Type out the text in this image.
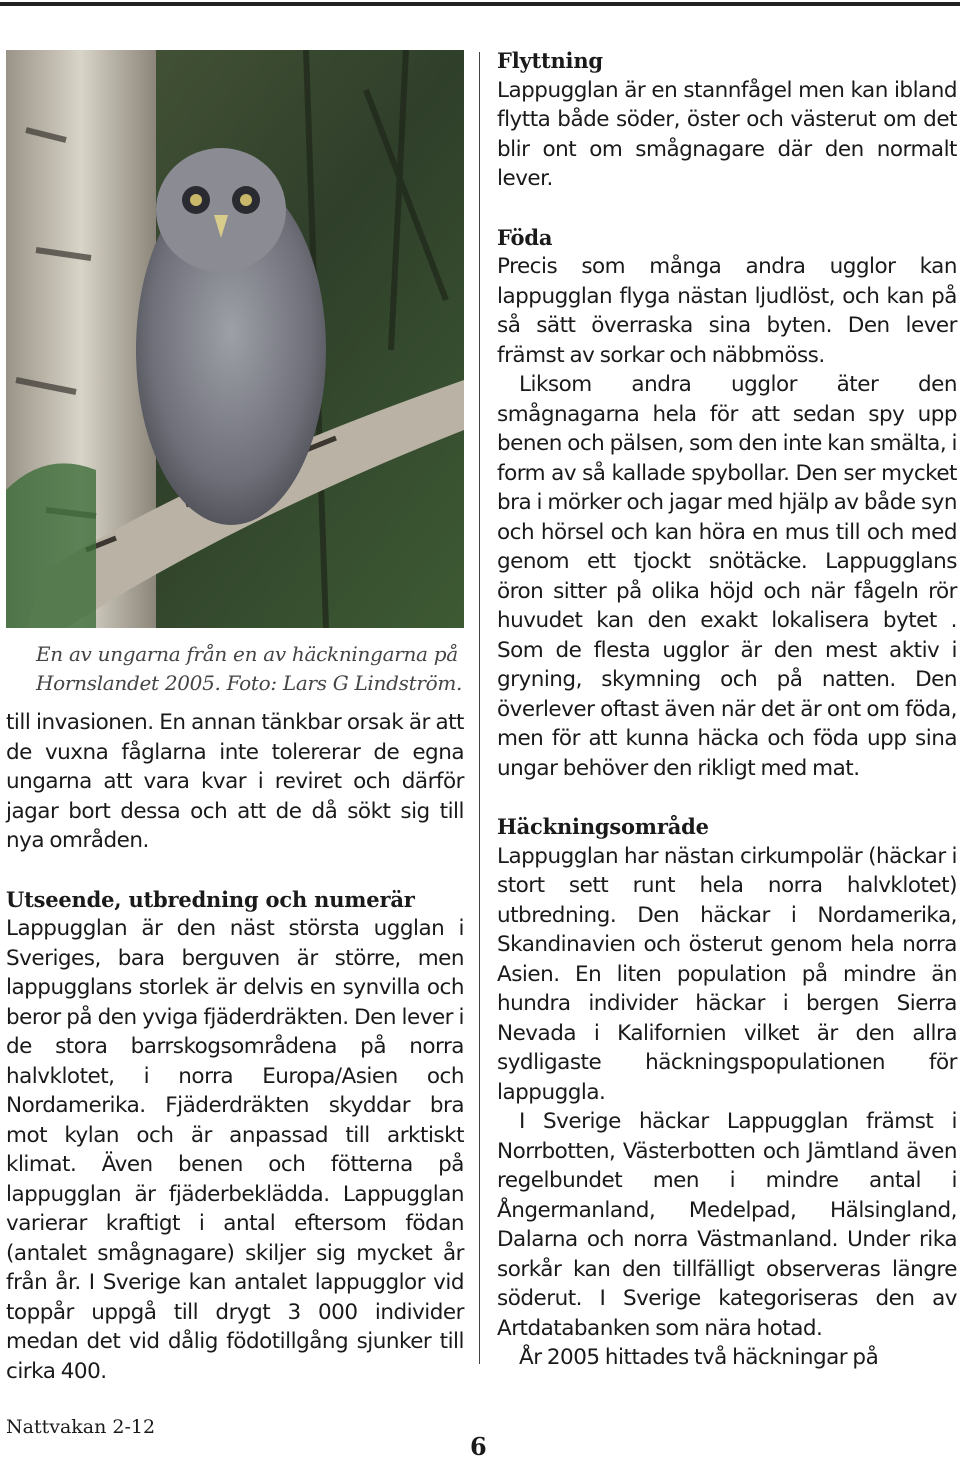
En av ungarna från en av häckningarna på Hornslandet 2005. Foto: Lars G Lindström.

till invasionen. En annan tänkbar orsak är att de vuxna fåglarna inte tolererar de egna ungarna att vara kvar i reviret och därför jagar bort dessa och att de då sökt sig till nya områden.

Utseende, utbredning och numerär

Lappugglan är den näst största ugglan i Sveriges, bara berguven är större, men lappugglans storlek är delvis en synvilla och beror på den yviga fjäderdräkten. Den lever i de stora barrskogsområdena på norra halvklotet, i norra Europa/Asien och Nordamerika. Fjäderdräkten skyddar bra mot kylan och är anpassad till arktiskt klimat. Även benen och fötterna på lappugglan är fjäderbeklädda. Lappugglan varierar kraftigt i antal eftersom födan (antalet smågnagare) skiljer sig mycket år från år. I Sverige kan antalet lappugglor vid toppår uppgå till drygt 3 000 individer medan det vid dålig födotillgång sjunker till cirka 400.

Flyttning

Lappugglan är en stannfågel men kan ibland flytta både söder, öster och västerut om det blir ont om smågnagare där den normalt lever.

Föda

Precis som många andra ugglor kan lappugglan flyga nästan ljudlöst, och kan på så sätt överraska sina byten. Den lever främst av sorkar och näbbmöss.

Liksom andra ugglor äter den smågnagarna hela för att sedan spy upp benen och pälsen, som den inte kan smälta, i form av så kallade spybollar. Den ser mycket bra i mörker och jagar med hjälp av både syn och hörsel och kan höra en mus till och med genom ett tjockt snötäcke. Lappugglans öron sitter på olika höjd och när fågeln rör huvudet kan den exakt lokalisera bytet . Som de flesta ugglor är den mest aktiv i gryning, skymning och på natten. Den överlever oftast även när det är ont om föda, men för att kunna häcka och föda upp sina ungar behöver den rikligt med mat.

Häckningsområde

Lappugglan har nästan cirkumpolär (häckar i stort sett runt hela norra halvklotet) utbredning. Den häckar i Nordamerika, Skandinavien och österut genom hela norra Asien. En liten population på mindre än hundra individer häckar i bergen Sierra Nevada i Kalifornien vilket är den allra sydligaste häckningspopulationen för lappuggla.

I Sverige häckar Lappugglan främst i Norrbotten, Västerbotten och Jämtland även regelbundet men i mindre antal i Ångermanland, Medelpad, Hälsingland, Dalarna och norra Västmanland. Under rika sorkår kan den tillfälligt observeras längre söderut. I Sverige kategoriseras den av Artdatabanken som nära hotad.

År 2005 hittades två häckningar på

Nattvakan 2-12
6
